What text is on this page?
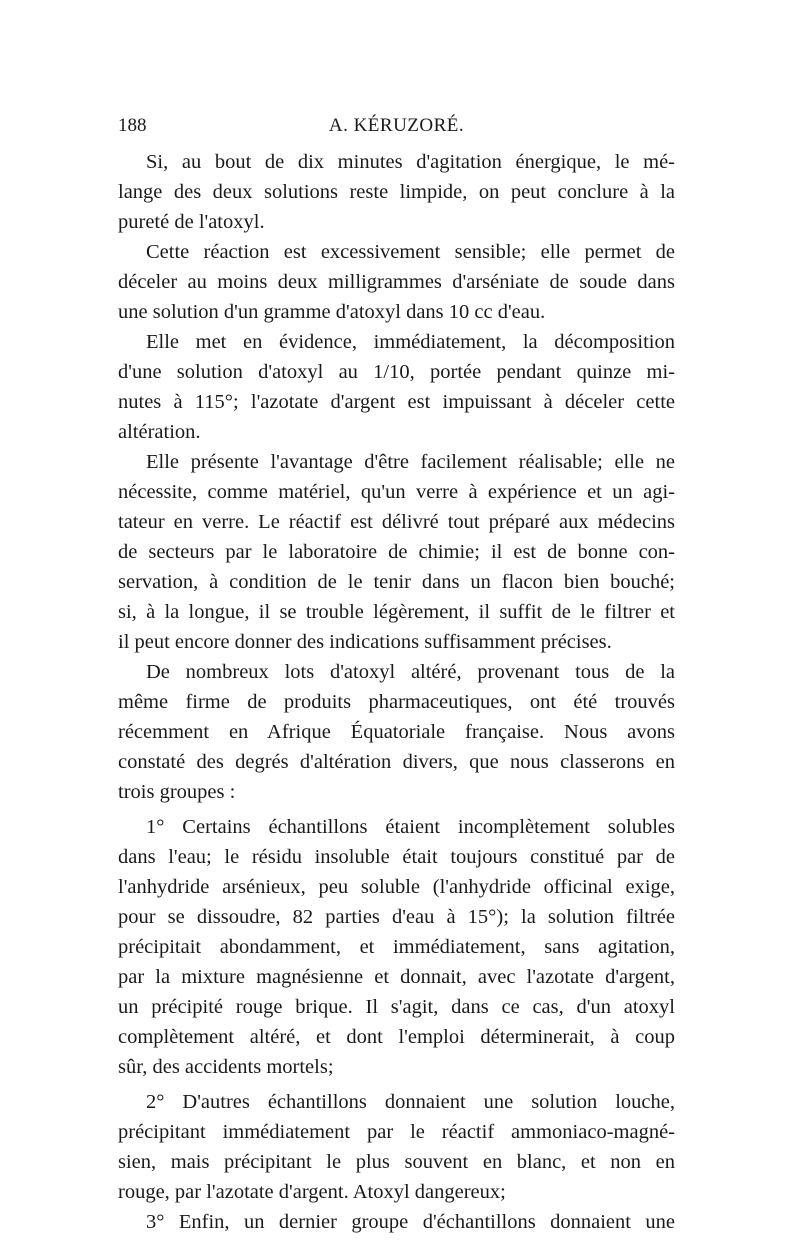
188	A. KÉRUZORÉ.
Si, au bout de dix minutes d'agitation énergique, le mé-
lange des deux solutions reste limpide, on peut conclure à la
pureté de l'atoxyl.
Cette réaction est excessivement sensible; elle permet de
déceler au moins deux milligrammes d'arséniate de soude dans
une solution d'un gramme d'atoxyl dans 10 cc d'eau.
Elle met en évidence, immédiatement, la décomposition
d'une solution d'atoxyl au 1/10, portée pendant quinze mi-
nutes à 115°; l'azotate d'argent est impuissant à déceler cette
altération.
Elle présente l'avantage d'être facilement réalisable; elle ne
nécessite, comme matériel, qu'un verre à expérience et un agi-
tateur en verre. Le réactif est délivré tout préparé aux médecins
de secteurs par le laboratoire de chimie; il est de bonne con-
servation, à condition de le tenir dans un flacon bien bouché;
si, à la longue, il se trouble légèrement, il suffit de le filtrer et
il peut encore donner des indications suffisamment précises.
De nombreux lots d'atoxyl altéré, provenant tous de la
même firme de produits pharmaceutiques, ont été trouvés
récemment en Afrique Équatoriale française. Nous avons
constaté des degrés d'altération divers, que nous classerons en
trois groupes :
1° Certains échantillons étaient incomplètement solubles
dans l'eau; le résidu insoluble était toujours constitué par de
l'anhydride arsénieux, peu soluble (l'anhydride officinal exige,
pour se dissoudre, 82 parties d'eau à 15°); la solution filtrée
précipitait abondamment, et immédiatement, sans agitation,
par la mixture magnésienne et donnait, avec l'azotate d'argent,
un précipité rouge brique. Il s'agit, dans ce cas, d'un atoxyl
complètement altéré, et dont l'emploi déterminerait, à coup
sûr, des accidents mortels;
2° D'autres échantillons donnaient une solution louche,
précipitant immédiatement par le réactif ammoniaco-magné-
sien, mais précipitant le plus souvent en blanc, et non en
rouge, par l'azotate d'argent. Atoxyl dangereux;
3° Enfin, un dernier groupe d'échantillons donnaient une
